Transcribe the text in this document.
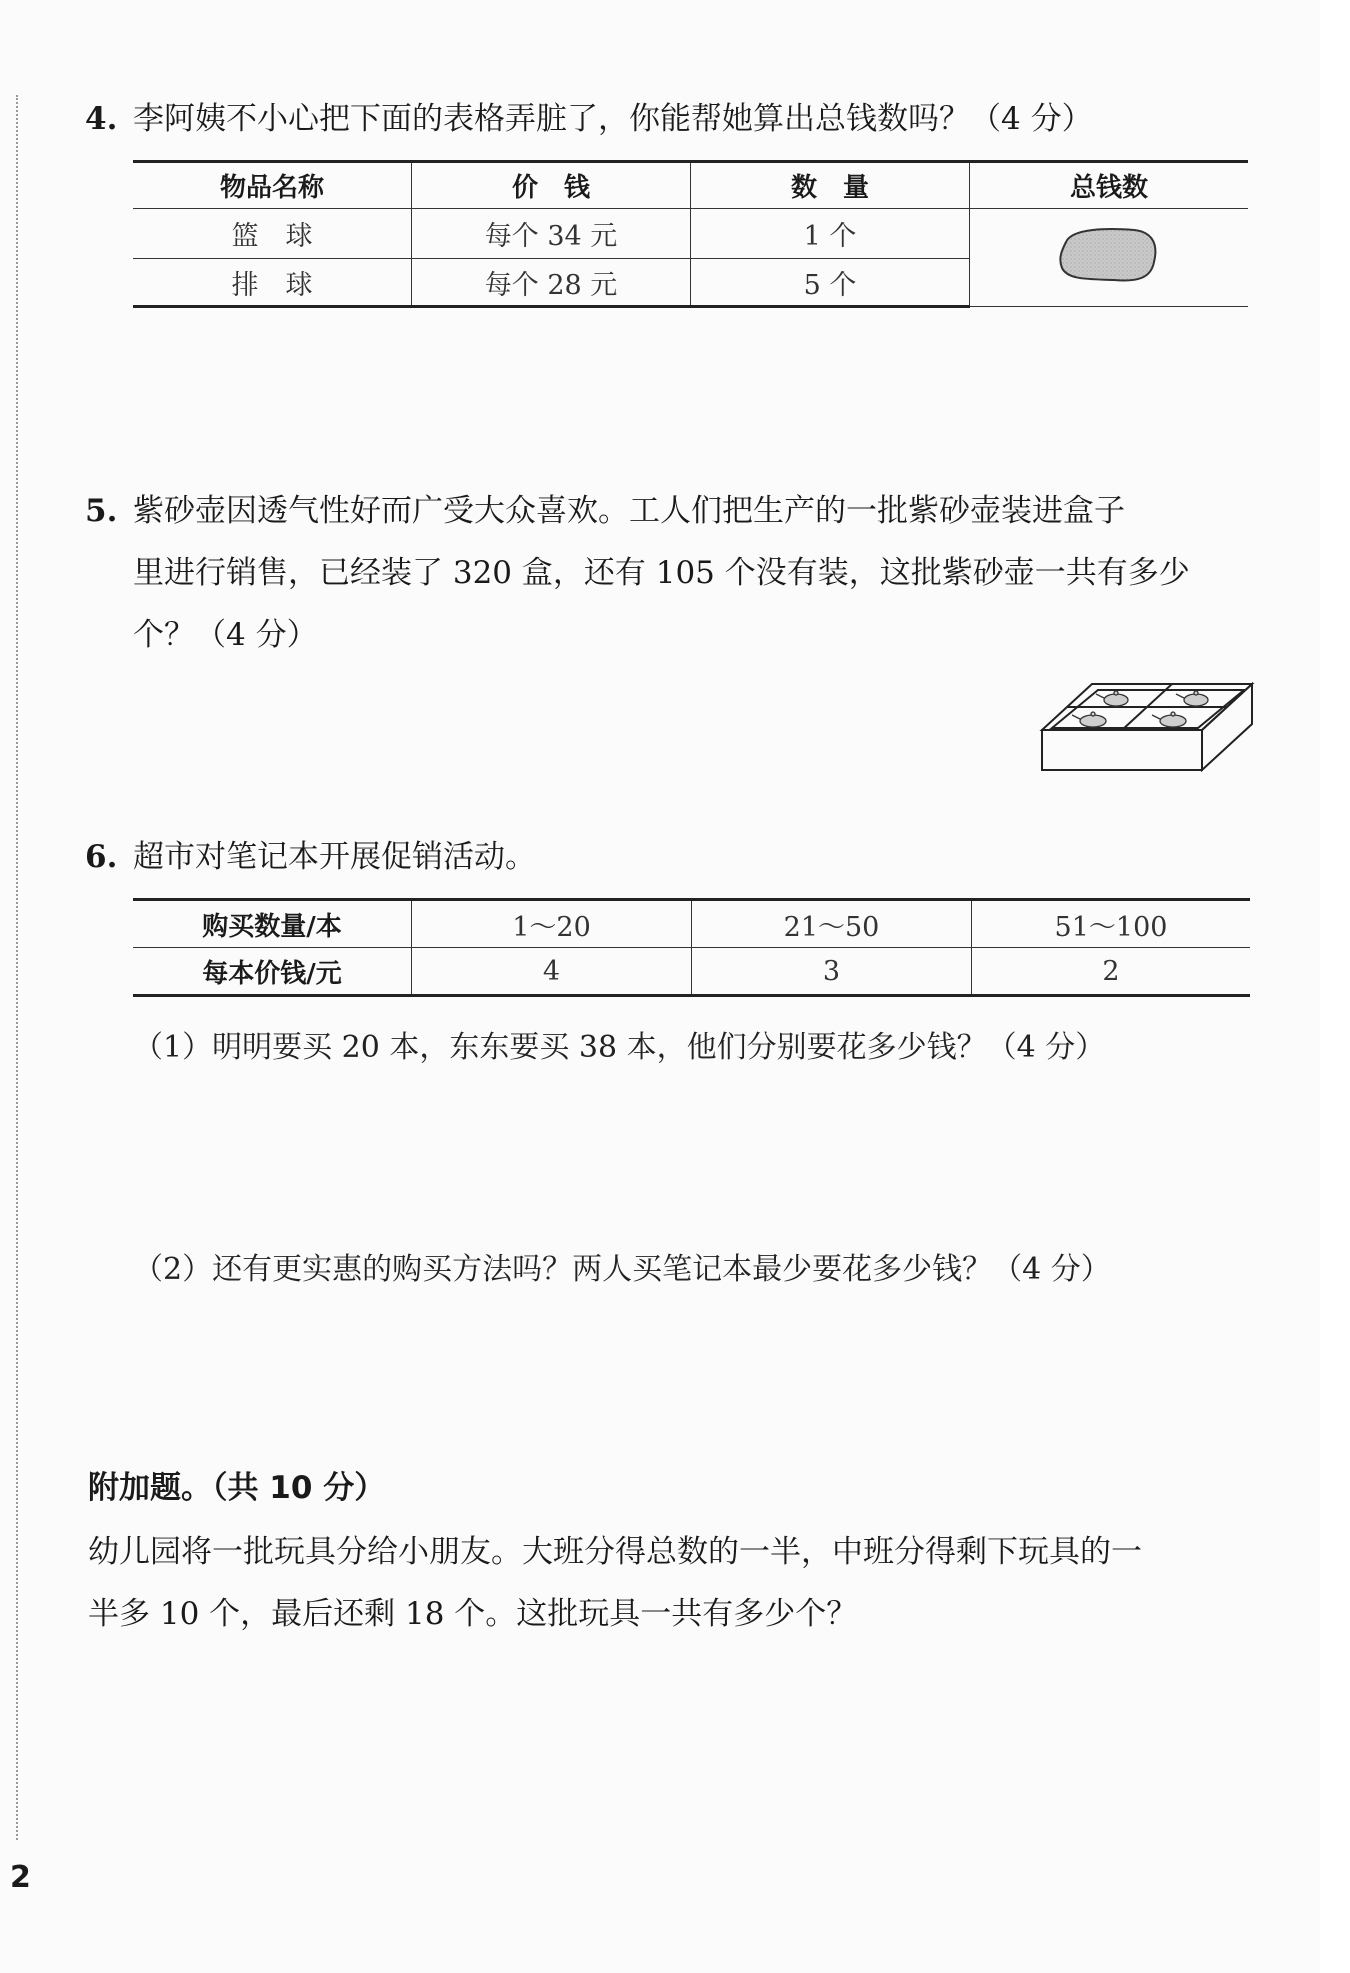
4. 李阿姨不小心把下面的表格弄脏了，你能帮她算出总钱数吗？（4 分）
物品名称	价　钱	数　量	总钱数
篮　球	每个 34 元	1 个	
排　球	每个 28 元	5 个	
5. 紫砂壶因透气性好而广受大众喜欢。工人们把生产的一批紫砂壶装进盒子
里进行销售，已经装了 320 盒，还有 105 个没有装，这批紫砂壶一共有多少
个？（4 分）
6. 超市对笔记本开展促销活动。
购买数量/本	1～20	21～50	51～100
每本价钱/元	4	3	2
（1）明明要买 20 本，东东要买 38 本，他们分别要花多少钱？（4 分）
（2）还有更实惠的购买方法吗？两人买笔记本最少要花多少钱？（4 分）
附加题。（共 10 分）
幼儿园将一批玩具分给小朋友。大班分得总数的一半，中班分得剩下玩具的一
半多 10 个，最后还剩 18 个。这批玩具一共有多少个？
2
